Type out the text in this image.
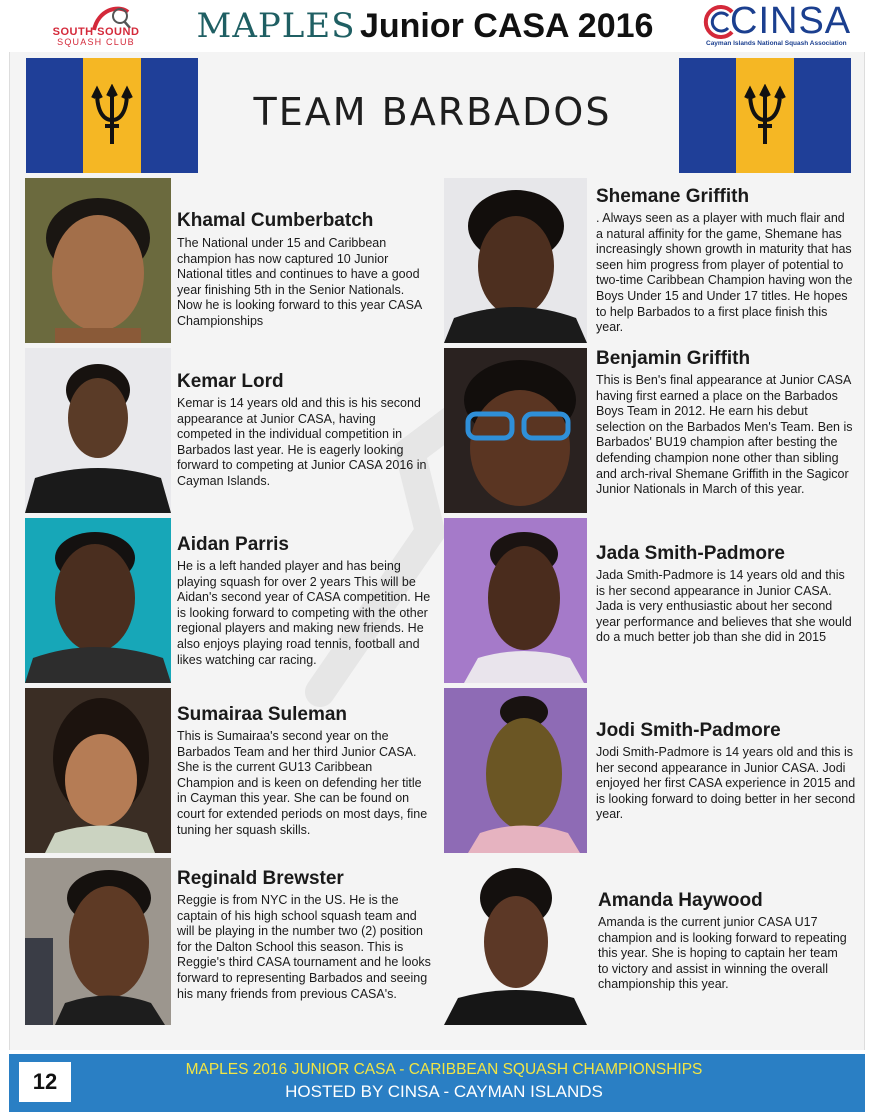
SOUTH SOUND
SQUASH CLUB	MAPLES Junior CASA 2016	CINSA
Cayman Islands National Squash Association
TEAM BARBADOS
Khamal Cumberbatch
The National under 15 and Caribbean champion has now captured 10 Junior National titles and continues to have a good year finishing 5th in the Senior Nationals. Now he is looking forward to this year CASA Championships
Kemar Lord
Kemar is 14 years old and this is his second appearance at Junior CASA, having competed in the individual competition in Barbados last year. He is eagerly looking forward to competing at Junior CASA 2016 in Cayman Islands.
Aidan Parris
He is a left handed player and has being playing squash for over 2 years This will be Aidan's second year of CASA competition. He is looking forward to competing with the other regional players and making new friends. He also enjoys playing road tennis, football and likes watching car racing.
Sumairaa Suleman
This is Sumairaa's second year on the Barbados Team and her third Junior CASA. She is the current GU13 Caribbean Champion and is keen on defending her title in Cayman this year. She can be found on court for extended periods on most days, fine tuning her squash skills.
Reginald Brewster
Reggie is from NYC in the US. He is the captain of his high school squash team and will be playing in the number two (2) position for the Dalton School this season. This is Reggie's third CASA tournament and he looks forward to representing Barbados and seeing his many friends from previous CASA's.
Shemane Griffith
. Always seen as a player with much flair and a natural affinity for the game, Shemane has increasingly shown growth in maturity that has seen him progress from player of potential to two-time Caribbean Champion having won the Boys Under 15 and Under 17 titles. He hopes to help Barbados to a first place finish this year.
Benjamin Griffith
This is Ben's final appearance at Junior CASA having first earned a place on the Barbados Boys Team in 2012. He earn his debut selection on the Barbados Men's Team. Ben is Barbados' BU19 champion after besting the defending champion none other than sibling and arch-rival Shemane Griffith in the Sagicor Junior Nationals in March of this year.
Jada Smith-Padmore
Jada Smith-Padmore is 14 years old and this is her second appearance in Junior CASA. Jada is very enthusiastic about her second year performance and believes that she would do a much better job than she did in 2015
Jodi Smith-Padmore
Jodi Smith-Padmore is 14 years old and this is her second appearance in Junior CASA. Jodi enjoyed her first CASA experience in 2015 and is looking forward to doing better in her second year.
Amanda Haywood
Amanda is the current junior CASA U17 champion and is looking forward to repeating this year. She is hoping to captain her team to victory and assist in winning the overall championship this year.
12	MAPLES 2016 JUNIOR CASA - CARIBBEAN SQUASH CHAMPIONSHIPS
HOSTED BY CINSA - CAYMAN ISLANDS
